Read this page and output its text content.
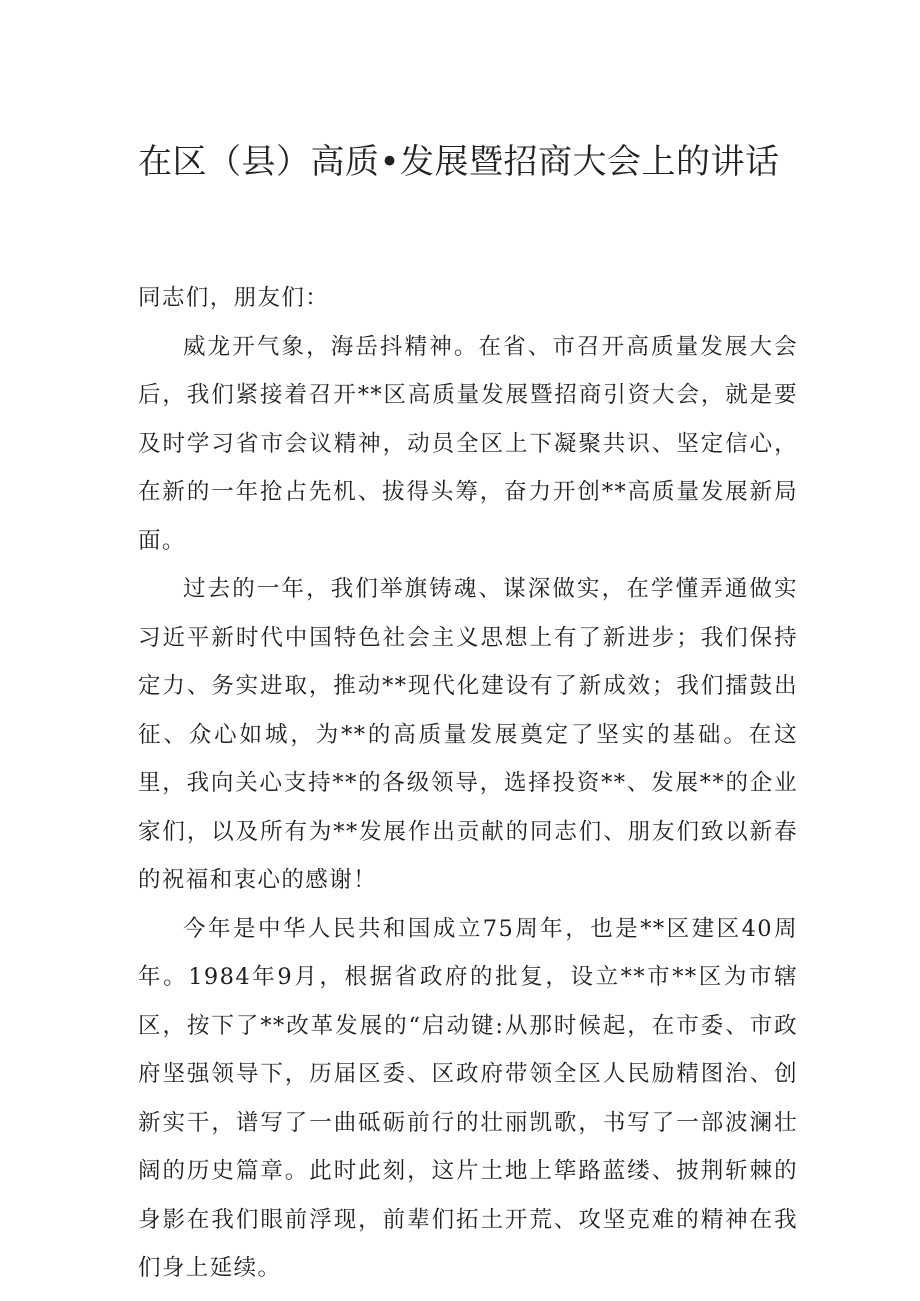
在区（县）高质•发展暨招商大会上的讲话

同志们，朋友们：

威龙开气象，海岳抖精神。在省、市召开高质量发展大会后，我们紧接着召开**区高质量发展暨招商引资大会，就是要及时学习省市会议精神，动员全区上下凝聚共识、坚定信心，在新的一年抢占先机、拔得头筹，奋力开创**高质量发展新局面。

过去的一年，我们举旗铸魂、谋深做实，在学懂弄通做实习近平新时代中国特色社会主义思想上有了新进步；我们保持定力、务实进取，推动**现代化建设有了新成效；我们擂鼓出征、众心如城，为**的高质量发展奠定了坚实的基础。在这里，我向关心支持**的各级领导，选择投资**、发展**的企业家们，以及所有为**发展作出贡献的同志们、朋友们致以新春的祝福和衷心的感谢！

今年是中华人民共和国成立75周年，也是**区建区40周年。1984年9月，根据省政府的批复，设立**市**区为市辖区，按下了**改革发展的“启动键:从那时候起，在市委、市政府坚强领导下，历届区委、区政府带领全区人民励精图治、创新实干，谱写了一曲砥砺前行的壮丽凯歌，书写了一部波澜壮阔的历史篇章。此时此刻，这片土地上筚路蓝缕、披荆斩棘的身影在我们眼前浮现，前辈们拓土开荒、攻坚克难的精神在我们身上延续。
